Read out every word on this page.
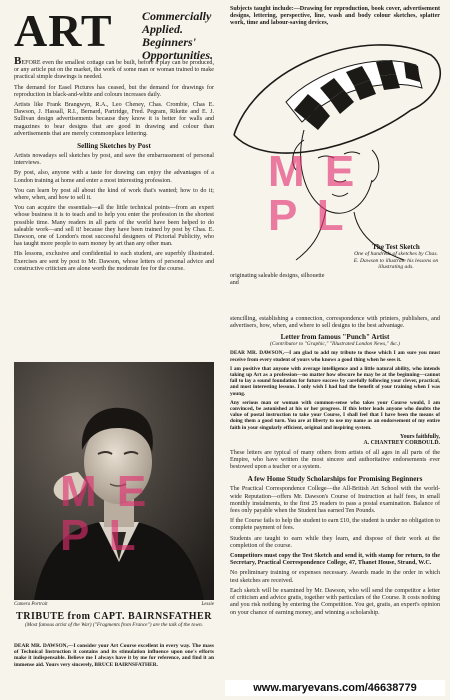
ART Commercially Applied.
Beginners'
Opportunities.

BEFORE even the smallest cottage can be built, before a play can be produced, or any article put on the market, the work of some man or woman trained to make practical simple drawings is needed.

The demand for Easel Pictures has ceased, but the demand for drawings for reproduction in black-and-white and colours increases daily.

Artists like Frank Brangwyn, R.A., Leo Cheney, Chas. Crombie, Chas E. Dawson, J. Hassall, R.I., Bernard, Partridge, Fred. Pegram, Rikette and E. J. Sullivan design advertisements because they know it is better for walls and magazines to bear designs that are good in drawing and colour than advertisements that are merely commonplace lettering.

Selling Sketches by Post

Artists nowadays sell sketches by post, and save the embarrassment of personal interviews.

By post, also, anyone with a taste for drawing can enjoy the advantages of a London training at home and enter a most interesting profession.

You can learn by post all about the kind of work that's wanted; how to do it; where, when, and how to sell it.

You can acquire the essentials—all the little technical points—from an expert whose business it is to teach and to help you enter the profession in the shortest possible time. Many readers in all parts of the world have been helped to do saleable work—and sell it! because they have been trained by post by Chas. E. Dawson, one of London's most successful designers of Pictorial Publicity, who has taught more people to earn money by art than any other man.

His lessons, exclusive and confidential to each student, are superbly illustrated. Exercises are sent by post to Mr. Dawson, whose letters of personal advice and constructive criticism are alone worth the moderate fee for the course.

Camera Portrait	Lessie
TRIBUTE from CAPT. BAIRNSFATHER
(Most famous artist of the War) ("Fragments from France") are the talk of the town.

DEAR MR. DAWSON,—I consider your Art Course excellent in every way. The mass of Technical Instruction it contains and its stimulation influence upon one's efforts make it indispensable. Believe me I always have it by me for reference, and find it an immense aid. Yours very sincerely, BRUCE BAIRNSFATHER.

Subjects taught include:—Drawing for reproduction, book cover, advertisement designs, lettering, perspective, line, wash and body colour sketches, splatter work, time and labour-saving devices,

The Test Sketch
One of hundreds of sketches by Chas. E. Dawson to illustrate his lessons on illustrating ads.

originating saleable designs, silhouette and

stencilling, establishing a connection, correspondence with printers, publishers, and advertisers, how, when, and where to sell designs to the best advantage.

Letter from famous "Punch" Artist
(Contributor to "Graphic," "Illustrated London News," &c.)

DEAR MR. DAWSON,—I am glad to add my tribute to those which I am sure you must receive from every student of yours who knows a good thing when he sees it.

I am positive that anyone with average intelligence and a little natural ability, who intends taking up Art as a profession—no matter how obscure he may be at the beginning—cannot fail to lay a sound foundation for future success by carefully following your clever, practical, and most interesting lessons. I only wish I had had the benefit of your training when I was young.

Any serious man or woman with common-sense who takes your Course would, I am convinced, be astonished at his or her progress. If this letter leads anyone who doubts the value of postal instruction to take your Course, I shall feel that I have been the means of doing them a good turn. You are at liberty to use my name as an endorsement of my entire faith in your singularly efficient, original and inspiring system.

Yours faithfully,
A. CHANTREY CORBOULD.

These letters are typical of many others from artists of all ages in all parts of the Empire, who have written the most sincere and authoritative endorsements ever bestowed upon a teacher or a system.

A few Home Study Scholarships for Promising Beginners

The Practical Correspondence College—the All-British Art School with the world-wide Reputation—offers Mr. Dawson's Course of Instruction at half fees, in small monthly instalments, to the first 25 readers to pass a postal examination. Balance of fees only payable when the Student has earned Ten Pounds.

If the Course fails to help the student to earn £10, the student is under no obligation to complete payment of fees.

Students are taught to earn while they learn, and dispose of their work at the completion of the course.

Competitors must copy the Test Sketch and send it, with stamp for return, to the Secretary, Practical Correspondence College, 47, Thanet House, Strand, W.C.

No preliminary training or expenses necessary. Awards made in the order in which test sketches are received.

Each sketch will be examined by Mr. Dawson, who will send the competitor a letter of criticism and advice gratis, together with particulars of the Course. It costs nothing and you risk nothing by entering the Competition. You get, gratis, an expert's opinion on your chance of earning money, and winning a scholarship.

M E
P L
M E
P L
www.maryevans.com/46638779
